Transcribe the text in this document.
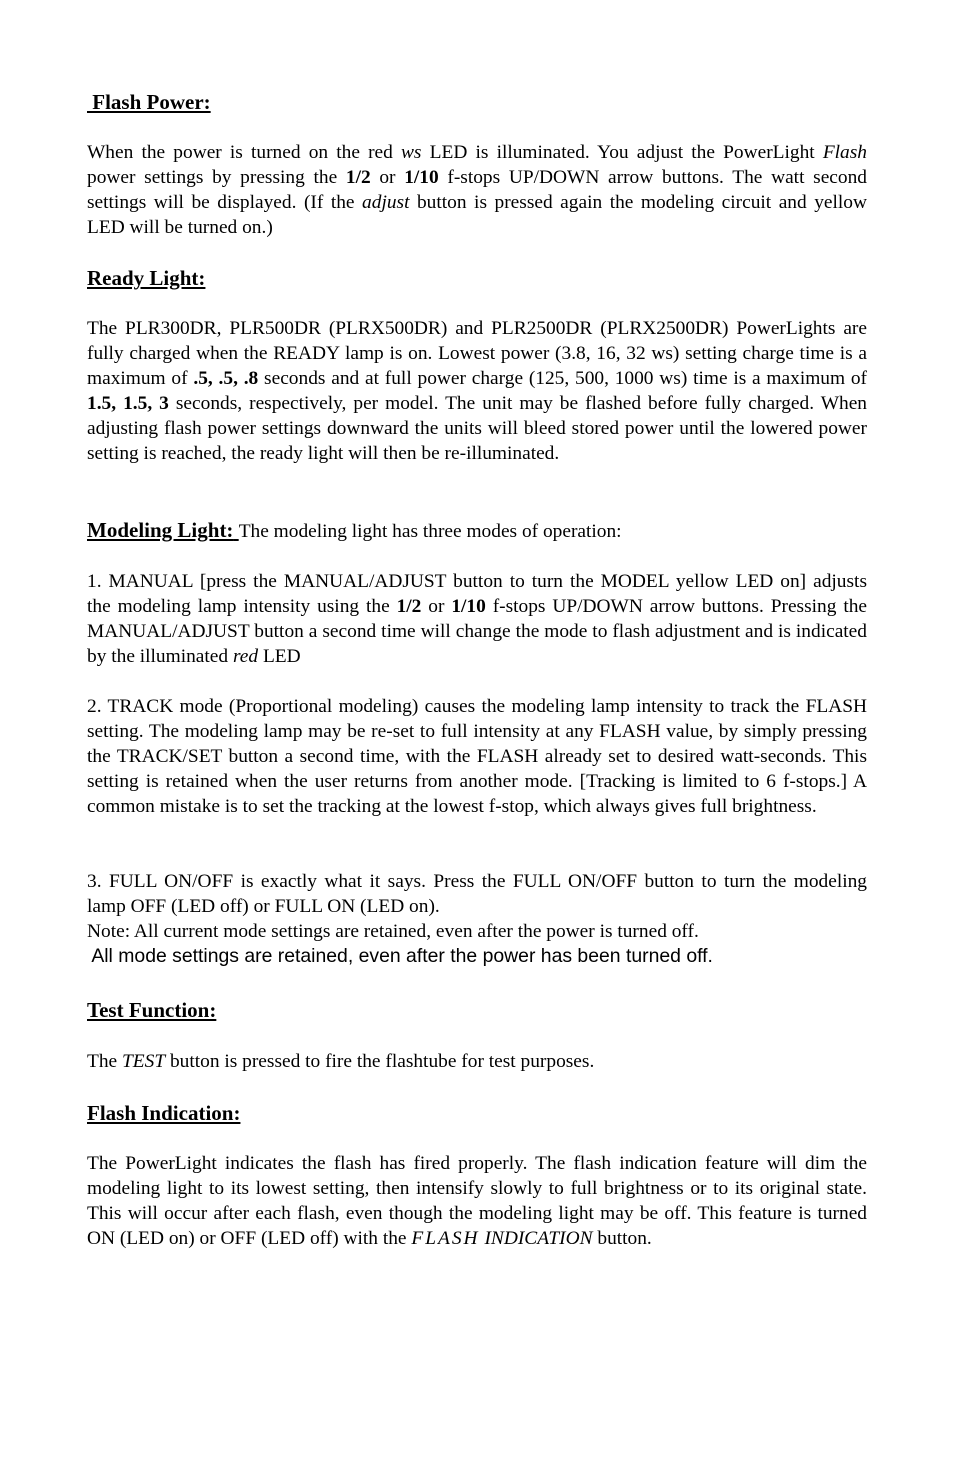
Flash Power:

When the power is turned on the red ws LED is illuminated. You adjust the PowerLight Flash power settings by pressing the 1/2 or 1/10 f-stops UP/DOWN arrow buttons. The watt second settings will be displayed. (If the adjust button is pressed again the modeling circuit and yellow LED will be turned on.)

Ready Light:

The PLR300DR, PLR500DR (PLRX500DR) and PLR2500DR (PLRX2500DR) PowerLights are fully charged when the READY lamp is on. Lowest power (3.8, 16, 32 ws) setting charge time is a maximum of .5, .5, .8 seconds and at full power charge (125, 500, 1000 ws) time is a maximum of 1.5, 1.5, 3 seconds, respectively, per model. The unit may be flashed before fully charged. When adjusting flash power settings downward the units will bleed stored power until the lowered power setting is reached, the ready light will then be re-illuminated.

Modeling Light: The modeling light has three modes of operation:

1. MANUAL [press the MANUAL/ADJUST button to turn the MODEL yellow LED on] adjusts the modeling lamp intensity using the 1/2 or 1/10 f-stops UP/DOWN arrow buttons. Pressing the MANUAL/ADJUST button a second time will change the mode to flash adjustment and is indicated by the illuminated red LED

2. TRACK mode (Proportional modeling) causes the modeling lamp intensity to track the FLASH setting. The modeling lamp may be re-set to full intensity at any FLASH value, by simply pressing the TRACK/SET button a second time, with the FLASH already set to desired watt-seconds. This setting is retained when the user returns from another mode. [Tracking is limited to 6 f-stops.] A common mistake is to set the tracking at the lowest f-stop, which always gives full brightness.

3. FULL ON/OFF is exactly what it says. Press the FULL ON/OFF button to turn the modeling lamp OFF (LED off) or FULL ON (LED on).

Note: All current mode settings are retained, even after the power is turned off.

All mode settings are retained, even after the power has been turned off.

Test Function:

The TEST button is pressed to fire the flashtube for test purposes.

Flash Indication:

The PowerLight indicates the flash has fired properly. The flash indication feature will dim the modeling light to its lowest setting, then intensify slowly to full brightness or to its original state. This will occur after each flash, even though the modeling light may be off. This feature is turned ON (LED on) or OFF (LED off) with the FLASH INDICATION button.
